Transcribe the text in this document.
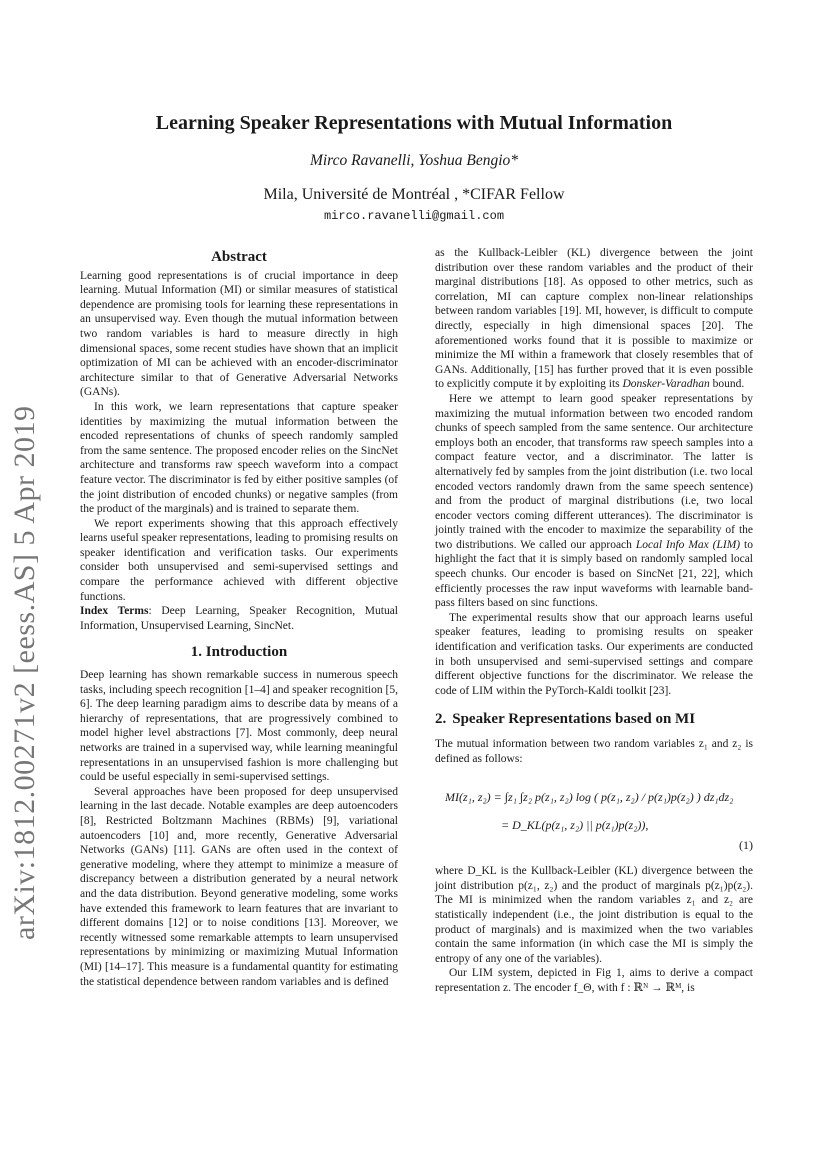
arXiv:1812.00271v2 [eess.AS] 5 Apr 2019
Learning Speaker Representations with Mutual Information
Mirco Ravanelli, Yoshua Bengio*
Mila, Université de Montréal , *CIFAR Fellow
mirco.ravanelli@gmail.com
Abstract

Learning good representations is of crucial importance in deep learning. Mutual Information (MI) or similar measures of statistical dependence are promising tools for learning these representations in an unsupervised way. Even though the mutual information between two random variables is hard to measure directly in high dimensional spaces, some recent studies have shown that an implicit optimization of MI can be achieved with an encoder-discriminator architecture similar to that of Generative Adversarial Networks (GANs).

In this work, we learn representations that capture speaker identities by maximizing the mutual information between the encoded representations of chunks of speech randomly sampled from the same sentence. The proposed encoder relies on the SincNet architecture and transforms raw speech waveform into a compact feature vector. The discriminator is fed by either positive samples (of the joint distribution of encoded chunks) or negative samples (from the product of the marginals) and is trained to separate them.

We report experiments showing that this approach effectively learns useful speaker representations, leading to promising results on speaker identification and verification tasks. Our experiments consider both unsupervised and semi-supervised settings and compare the performance achieved with different objective functions.

Index Terms: Deep Learning, Speaker Recognition, Mutual Information, Unsupervised Learning, SincNet.

1. Introduction

Deep learning has shown remarkable success in numerous speech tasks, including speech recognition [1–4] and speaker recognition [5, 6]. The deep learning paradigm aims to describe data by means of a hierarchy of representations, that are progressively combined to model higher level abstractions [7]. Most commonly, deep neural networks are trained in a supervised way, while learning meaningful representations in an unsupervised fashion is more challenging but could be useful especially in semi-supervised settings.

Several approaches have been proposed for deep unsupervised learning in the last decade. Notable examples are deep autoencoders [8], Restricted Boltzmann Machines (RBMs) [9], variational autoencoders [10] and, more recently, Generative Adversarial Networks (GANs) [11]. GANs are often used in the context of generative modeling, where they attempt to minimize a measure of discrepancy between a distribution generated by a neural network and the data distribution. Beyond generative modeling, some works have extended this framework to learn features that are invariant to different domains [12] or to noise conditions [13]. Moreover, we recently witnessed some remarkable attempts to learn unsupervised representations by minimizing or maximizing Mutual Information (MI) [14–17]. This measure is a fundamental quantity for estimating the statistical dependence between random variables and is defined

as the Kullback-Leibler (KL) divergence between the joint distribution over these random variables and the product of their marginal distributions [18]. As opposed to other metrics, such as correlation, MI can capture complex non-linear relationships between random variables [19]. MI, however, is difficult to compute directly, especially in high dimensional spaces [20]. The aforementioned works found that it is possible to maximize or minimize the MI within a framework that closely resembles that of GANs. Additionally, [15] has further proved that it is even possible to explicitly compute it by exploiting its Donsker-Varadhan bound.

Here we attempt to learn good speaker representations by maximizing the mutual information between two encoded random chunks of speech sampled from the same sentence. Our architecture employs both an encoder, that transforms raw speech samples into a compact feature vector, and a discriminator. The latter is alternatively fed by samples from the joint distribution (i.e. two local encoded vectors randomly drawn from the same speech sentence) and from the product of marginal distributions (i.e, two local encoder vectors coming different utterances). The discriminator is jointly trained with the encoder to maximize the separability of the two distributions. We called our approach Local Info Max (LIM) to highlight the fact that it is simply based on randomly sampled local speech chunks. Our encoder is based on SincNet [21, 22], which efficiently processes the raw input waveforms with learnable band-pass filters based on sinc functions.

The experimental results show that our approach learns useful speaker features, leading to promising results on speaker identification and verification tasks. Our experiments are conducted in both unsupervised and semi-supervised settings and compare different objective functions for the discriminator. We release the code of LIM within the PyTorch-Kaldi toolkit [23].

2. Speaker Representations based on MI

The mutual information between two random variables z₁ and z₂ is defined as follows:

MI(z₁, z₂) = ∫z₁ ∫z₂ p(z₁, z₂) log ( p(z₁, z₂) / p(z₁)p(z₂) ) dz₁dz₂
= D_KL(p(z₁, z₂) || p(z₁)p(z₂)),
(1)

where D_KL is the Kullback-Leibler (KL) divergence between the joint distribution p(z₁, z₂) and the product of marginals p(z₁)p(z₂). The MI is minimized when the random variables z₁ and z₂ are statistically independent (i.e., the joint distribution is equal to the product of marginals) and is maximized when the two variables contain the same information (in which case the MI is simply the entropy of any one of the variables).

Our LIM system, depicted in Fig 1, aims to derive a compact representation z. The encoder f_Θ, with f : ℝᴺ → ℝᴹ, is
